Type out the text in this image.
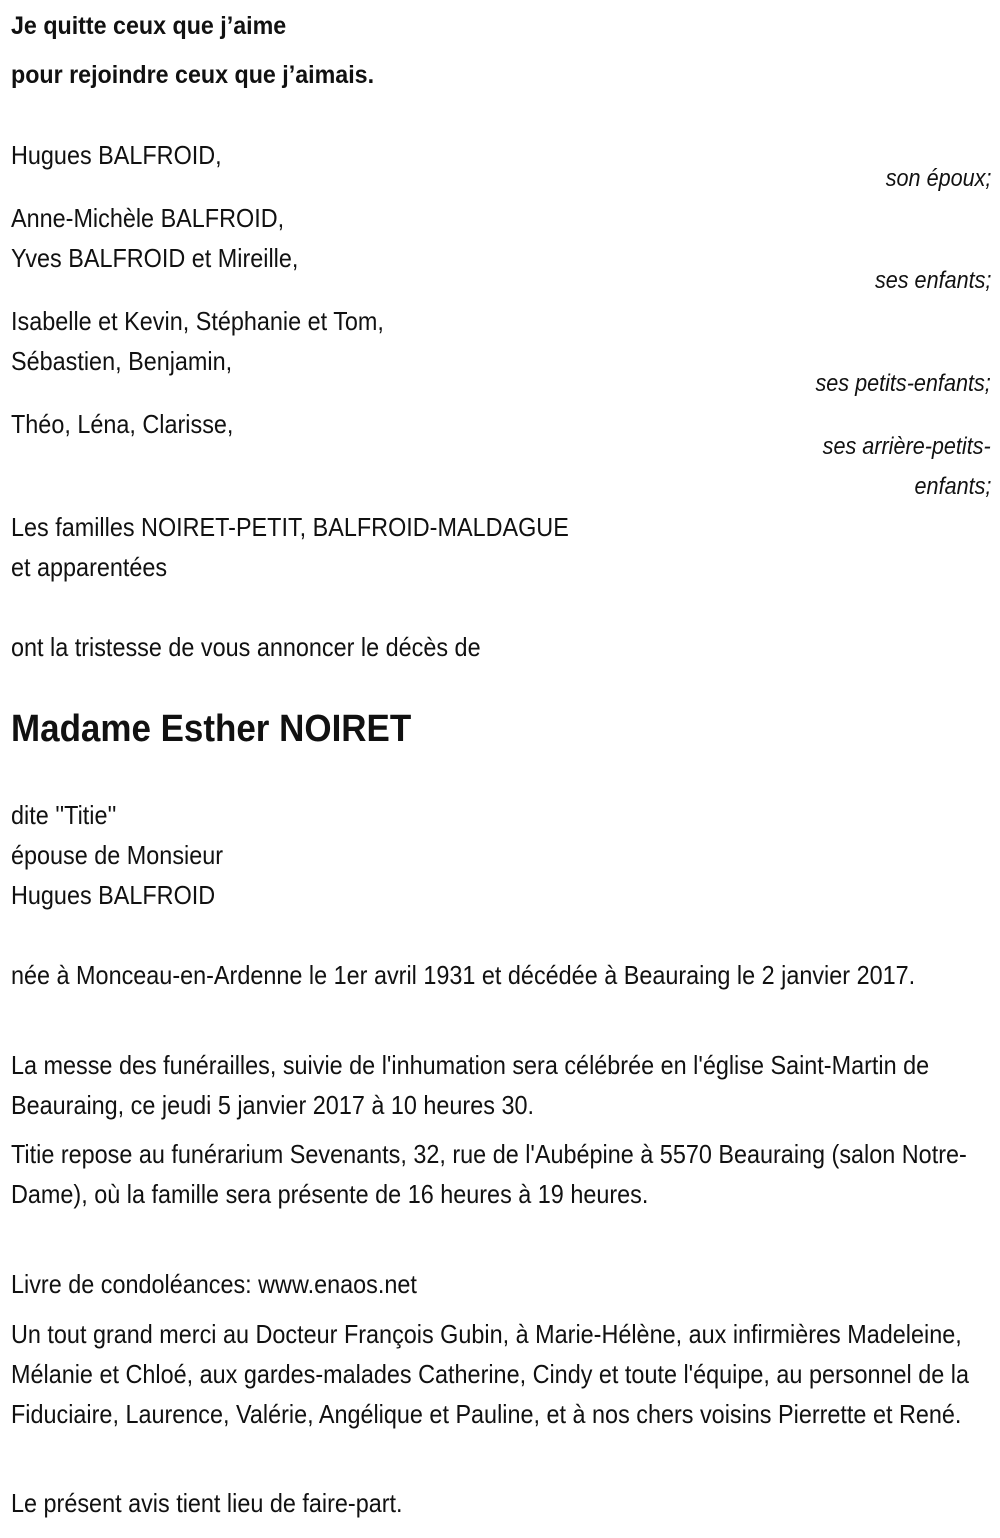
Je quitte ceux que j’aime
pour rejoindre ceux que j’aimais.
Hugues BALFROID,
son époux;
Anne-Michèle BALFROID,
Yves BALFROID et Mireille,
ses enfants;
Isabelle et Kevin, Stéphanie et Tom,
Sébastien, Benjamin,
ses petits-enfants;
Théo, Léna, Clarisse,
ses arrière-petits-
enfants;
Les familles NOIRET-PETIT, BALFROID-MALDAGUE
et apparentées
ont la tristesse de vous annoncer le décès de
Madame Esther NOIRET
dite ''Titie''
épouse de Monsieur
Hugues BALFROID
née à Monceau-en-Ardenne le 1er avril 1931 et décédée à Beauraing le 2 janvier 2017.
La messe des funérailles, suivie de l'inhumation sera célébrée en l'église Saint-Martin de Beauraing, ce jeudi 5 janvier 2017 à 10 heures 30.
Titie repose au funérarium Sevenants, 32, rue de l'Aubépine à 5570 Beauraing (salon Notre-Dame), où la famille sera présente de 16 heures à 19 heures.
Livre de condoléances: www.enaos.net
Un tout grand merci au Docteur François Gubin, à Marie-Hélène, aux infirmières Madeleine, Mélanie et Chloé, aux gardes-malades Catherine, Cindy et toute l'équipe, au personnel de la Fiduciaire, Laurence, Valérie, Angélique et Pauline, et à nos chers voisins Pierrette et René.
Le présent avis tient lieu de faire-part.
